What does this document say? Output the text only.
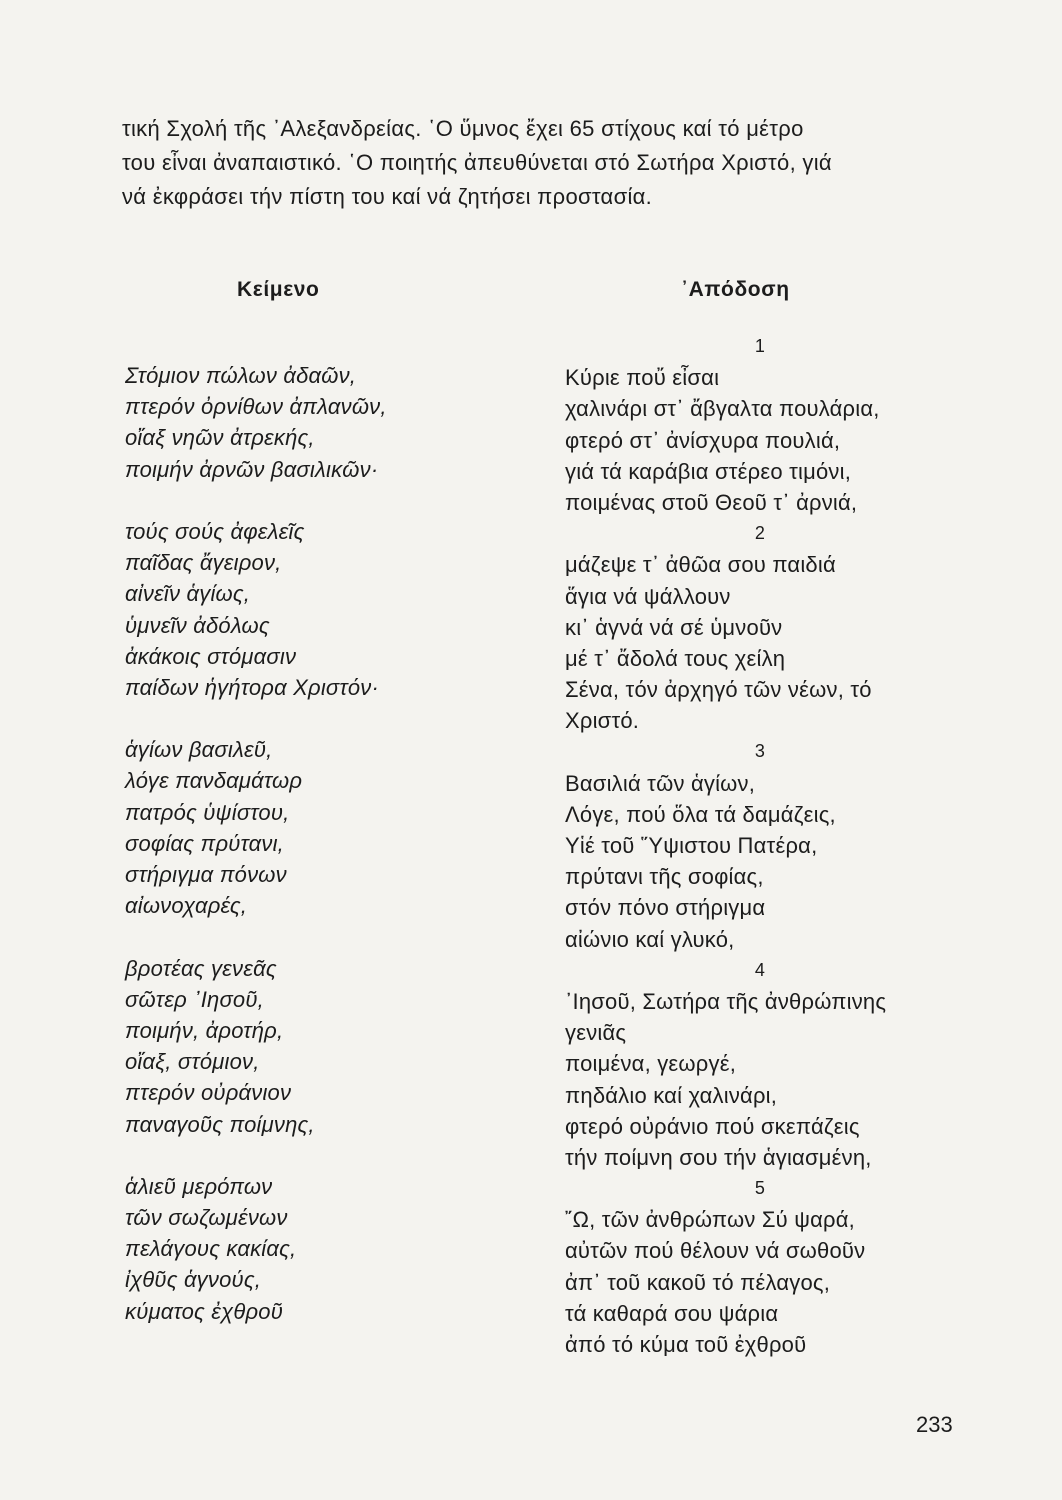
τική Σχολή τῆς ᾽Αλεξανδρείας. ῾Ο ὕμνος ἔχει 65 στίχους καί τό μέτρο
του εἶναι ἀναπαιστικό. ῾Ο ποιητής ἀπευθύνεται στό Σωτήρα Χριστό, γιά
νά ἐκφράσει τήν πίστη του καί νά ζητήσει προστασία.
Κείμενο	᾽Απόδοση
Στόμιον πώλων ἀδαῶν,
πτερόν ὀρνίθων ἀπλανῶν,
οἴαξ νηῶν ἀτρεκής,
ποιμήν ἀρνῶν βασιλικῶν·
τούς σούς ἀφελεῖς
παῖδας ἄγειρον,
αἰνεῖν ἁγίως,
ὑμνεῖν ἀδόλως
ἀκάκοις στόμασιν
παίδων ἡγήτορα Χριστόν·
ἁγίων βασιλεῦ,
λόγε πανδαμάτωρ
πατρός ὑψίστου,
σοφίας πρύτανι,
στήριγμα πόνων
αἰωνοχαρές,
βροτέας γενεᾶς
σῶτερ ᾽Ιησοῦ,
ποιμήν, ἀροτήρ,
οἴαξ, στόμιον,
πτερόν οὐράνιον
παναγοῦς ποίμνης,
ἁλιεῦ μερόπων
τῶν σωζωμένων
πελάγους κακίας,
ἰχθῦς ἁγνούς,
κύματος ἐχθροῦ
1
Κύριε ποὔ εἶσαι
χαλινάρι στ᾽ ἄβγαλτα πουλάρια,
φτερό στ᾽ ἀνίσχυρα πουλιά,
γιά τά καράβια στέρεο τιμόνι,
ποιμένας στοῦ Θεοῦ τ᾽ ἀρνιά,
2
μάζεψε τ᾽ ἀθῶα σου παιδιά
ἅγια νά ψάλλουν
κι᾽ ἁγνά νά σέ ὑμνοῦν
μέ τ᾽ ἄδολά τους χείλη
Σένα, τόν ἀρχηγό τῶν νέων, τό
Χριστό.
3
Βασιλιά τῶν ἁγίων,
Λόγε, πού ὅλα τά δαμάζεις,
Υἱέ τοῦ ῞Υψιστου Πατέρα,
πρύτανι τῆς σοφίας,
στόν πόνο στήριγμα
αἰώνιο καί γλυκό,
4
᾽Ιησοῦ, Σωτήρα τῆς ἀνθρώπινης
γενιᾶς
ποιμένα, γεωργέ,
πηδάλιο καί χαλινάρι,
φτερό οὐράνιο πού σκεπάζεις
τήν ποίμνη σου τήν ἁγιασμένη,
5
῎Ω, τῶν ἀνθρώπων Σύ ψαρά,
αὐτῶν πού θέλουν νά σωθοῦν
ἀπ᾽ τοῦ κακοῦ τό πέλαγος,
τά καθαρά σου ψάρια
ἀπό τό κύμα τοῦ ἐχθροῦ
233
